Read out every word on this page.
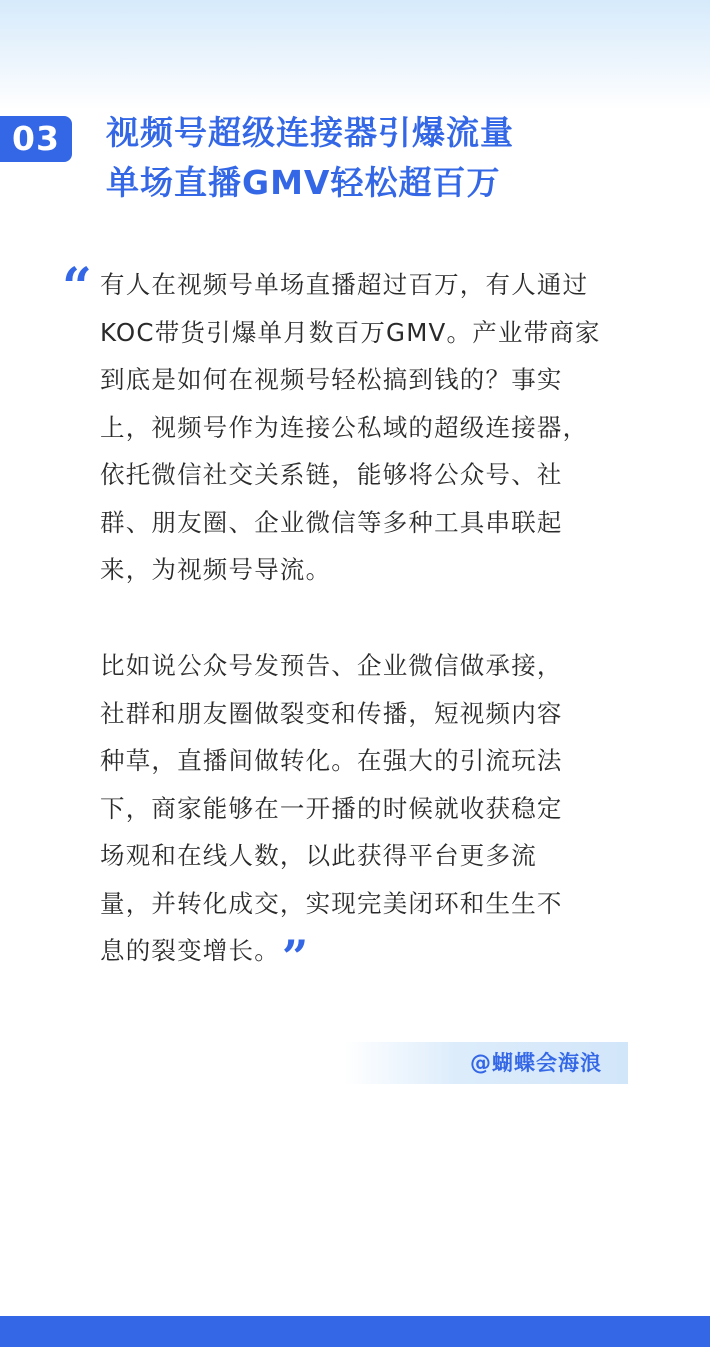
03	视频号超级连接器引爆流量
单场直播GMV轻松超百万
“ 有人在视频号单场直播超过百万，有人通过
KOC带货引爆单月数百万GMV。产业带商家
到底是如何在视频号轻松搞到钱的？事实
上，视频号作为连接公私域的超级连接器，
依托微信社交关系链，能够将公众号、社
群、朋友圈、企业微信等多种工具串联起
来，为视频号导流。
比如说公众号发预告、企业微信做承接，
社群和朋友圈做裂变和传播，短视频内容
种草，直播间做转化。在强大的引流玩法
下，商家能够在一开播的时候就收获稳定
场观和在线人数，以此获得平台更多流
量，并转化成交，实现完美闭环和生生不
息的裂变增长。”
@蝴蝶会海浪
